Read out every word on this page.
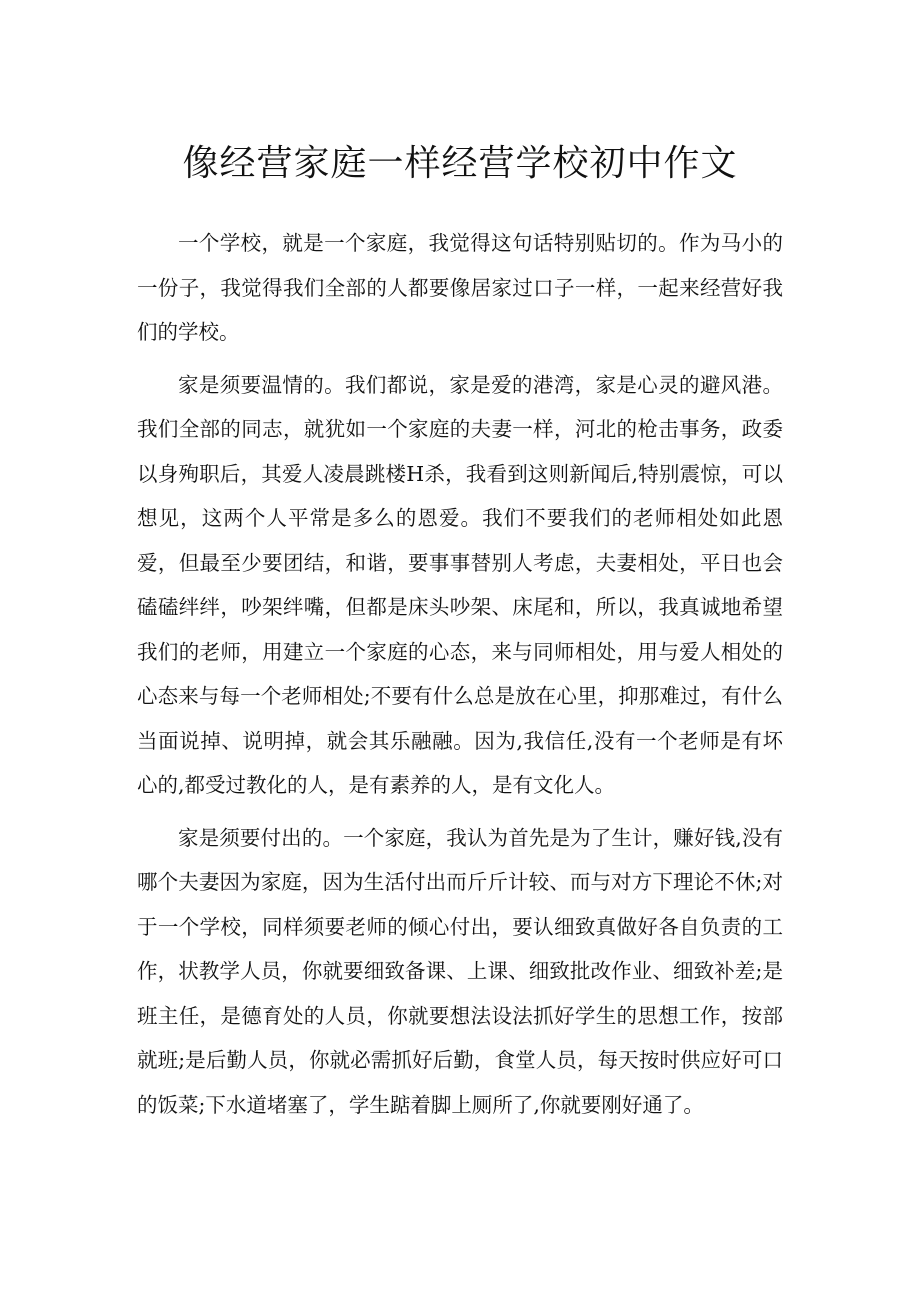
像经营家庭一样经营学校初中作文

一个学校，就是一个家庭，我觉得这句话特别贴切的。作为马小的一份子，我觉得我们全部的人都要像居家过口子一样，一起来经营好我们的学校。

家是须要温情的。我们都说，家是爱的港湾，家是心灵的避风港。我们全部的同志，就犹如一个家庭的夫妻一样，河北的枪击事务，政委以身殉职后，其爱人凌晨跳楼H杀，我看到这则新闻后,特别震惊，可以想见，这两个人平常是多么的恩爱。我们不要我们的老师相处如此恩爱，但最至少要团结，和谐，要事事替别人考虑，夫妻相处，平日也会磕磕绊绊，吵架绊嘴，但都是床头吵架、床尾和，所以，我真诚地希望我们的老师，用建立一个家庭的心态，来与同师相处，用与爱人相处的心态来与每一个老师相处;不要有什么总是放在心里，抑那难过，有什么当面说掉、说明掉，就会其乐融融。因为,我信任,没有一个老师是有坏心的,都受过教化的人，是有素养的人，是有文化人。

家是须要付出的。一个家庭，我认为首先是为了生计，赚好钱,没有哪个夫妻因为家庭，因为生活付出而斤斤计较、而与对方下理论不休;对于一个学校，同样须要老师的倾心付出，要认细致真做好各自负责的工作，状教学人员，你就要细致备课、上课、细致批改作业、细致补差;是班主任，是德育处的人员，你就要想法设法抓好学生的思想工作，按部就班;是后勤人员，你就必需抓好后勤，食堂人员，每天按时供应好可口的饭菜;下水道堵塞了，学生踮着脚上厕所了,你就要刚好通了。
